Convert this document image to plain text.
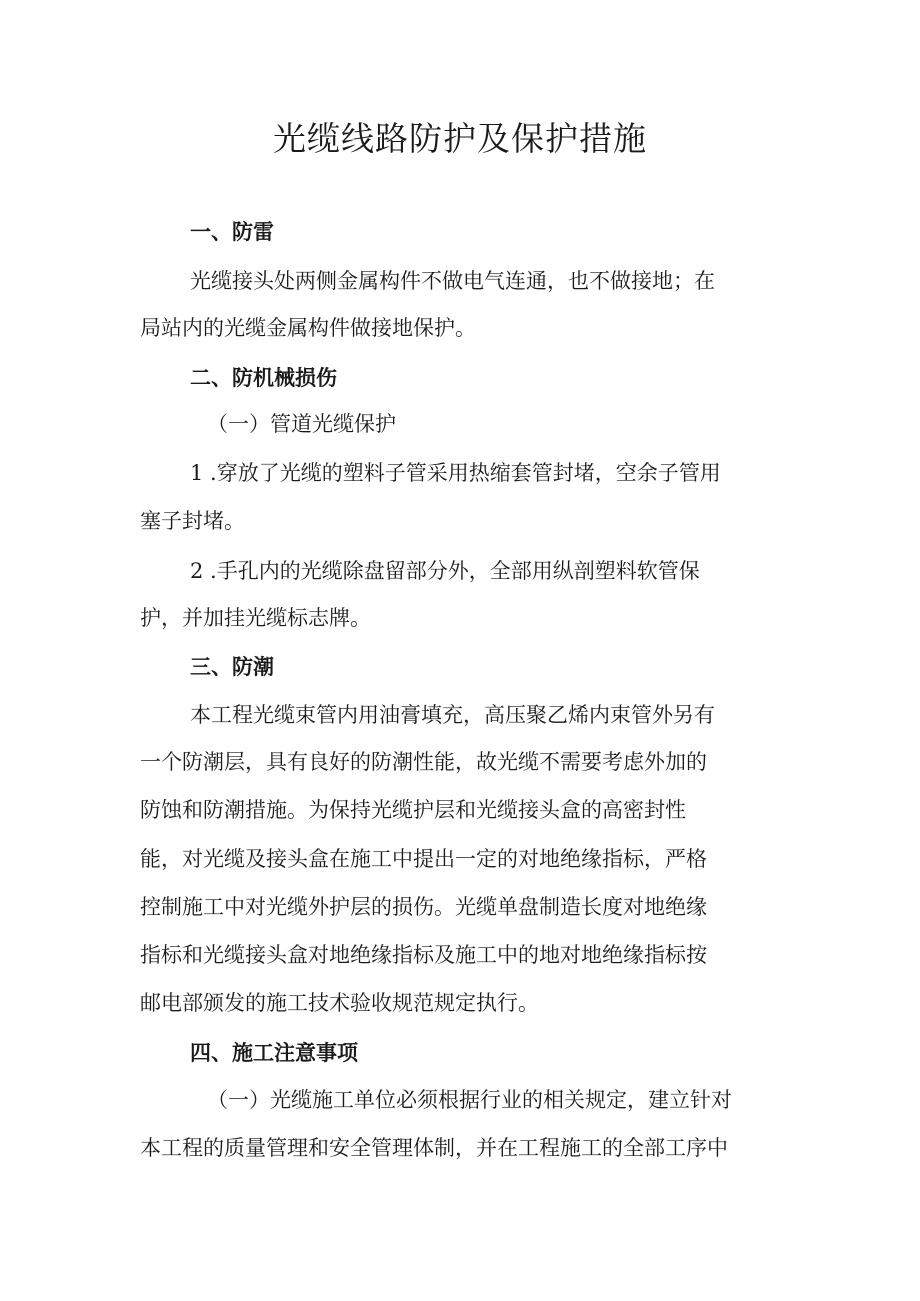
光缆线路防护及保护措施
一、防雷
光缆接头处两侧金属构件不做电气连通，也不做接地；在
局站内的光缆金属构件做接地保护。
二、防机械损伤
（一）管道光缆保护
1 .穿放了光缆的塑料子管采用热缩套管封堵，空余子管用
塞子封堵。
2 .手孔内的光缆除盘留部分外，全部用纵剖塑料软管保
护，并加挂光缆标志牌。
三、防潮
本工程光缆束管内用油膏填充，高压聚乙烯内束管外另有
一个防潮层，具有良好的防潮性能，故光缆不需要考虑外加的
防蚀和防潮措施。为保持光缆护层和光缆接头盒的高密封性
能，对光缆及接头盒在施工中提出一定的对地绝缘指标，严格
控制施工中对光缆外护层的损伤。光缆单盘制造长度对地绝缘
指标和光缆接头盒对地绝缘指标及施工中的地对地绝缘指标按
邮电部颁发的施工技术验收规范规定执行。
四、施工注意事项
（一）光缆施工单位必须根据行业的相关规定，建立针对
本工程的质量管理和安全管理体制，并在工程施工的全部工序中
